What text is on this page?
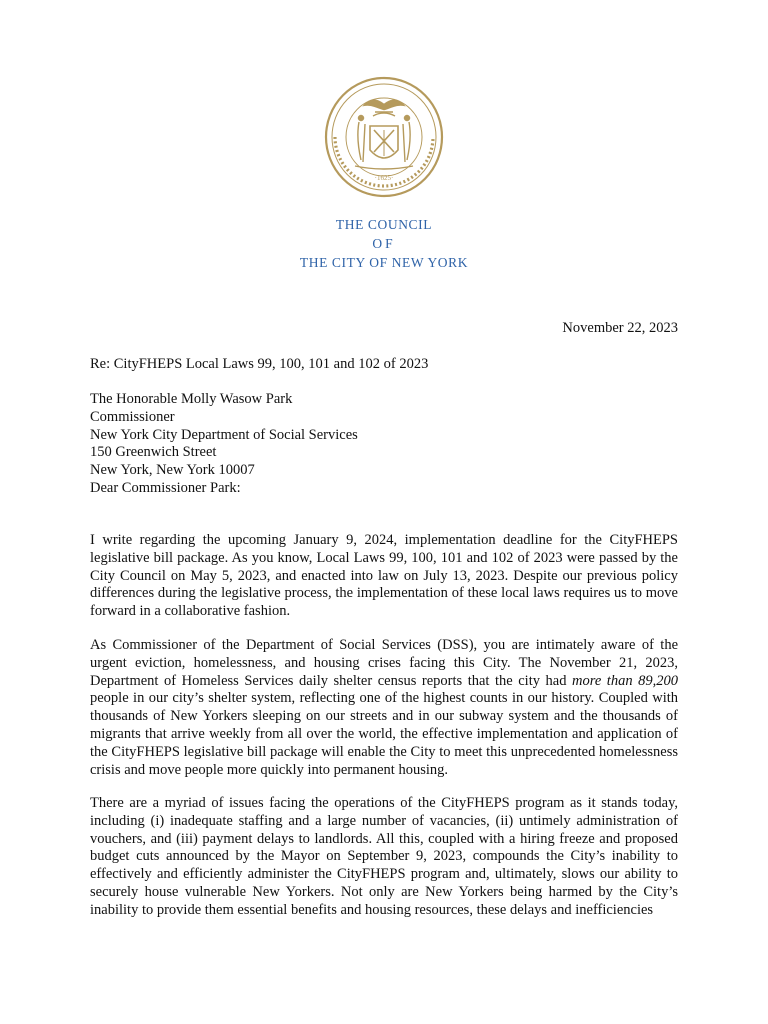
·1625·
THE COUNCIL
OF
THE CITY OF NEW YORK
November 22, 2023
Re: CityFHEPS Local Laws 99, 100, 101 and 102 of 2023
The Honorable Molly Wasow Park
Commissioner
New York City Department of Social Services
150 Greenwich Street
New York, New York 10007
Dear Commissioner Park:

I write regarding the upcoming January 9, 2024, implementation deadline for the CityFHEPS legislative bill package. As you know, Local Laws 99, 100, 101 and 102 of 2023 were passed by the City Council on May 5, 2023, and enacted into law on July 13, 2023. Despite our previous policy differences during the legislative process, the implementation of these local laws requires us to move forward in a collaborative fashion.

As Commissioner of the Department of Social Services (DSS), you are intimately aware of the urgent eviction, homelessness, and housing crises facing this City. The November 21, 2023, Department of Homeless Services daily shelter census reports that the city had more than 89,200 people in our city’s shelter system, reflecting one of the highest counts in our history. Coupled with thousands of New Yorkers sleeping on our streets and in our subway system and the thousands of migrants that arrive weekly from all over the world, the effective implementation and application of the CityFHEPS legislative bill package will enable the City to meet this unprecedented homelessness crisis and move people more quickly into permanent housing.

There are a myriad of issues facing the operations of the CityFHEPS program as it stands today, including (i) inadequate staffing and a large number of vacancies, (ii) untimely administration of vouchers, and (iii) payment delays to landlords. All this, coupled with a hiring freeze and proposed budget cuts announced by the Mayor on September 9, 2023, compounds the City’s inability to effectively and efficiently administer the CityFHEPS program and, ultimately, slows our ability to securely house vulnerable New Yorkers. Not only are New Yorkers being harmed by the City’s inability to provide them essential benefits and housing resources, these delays and inefficiencies
